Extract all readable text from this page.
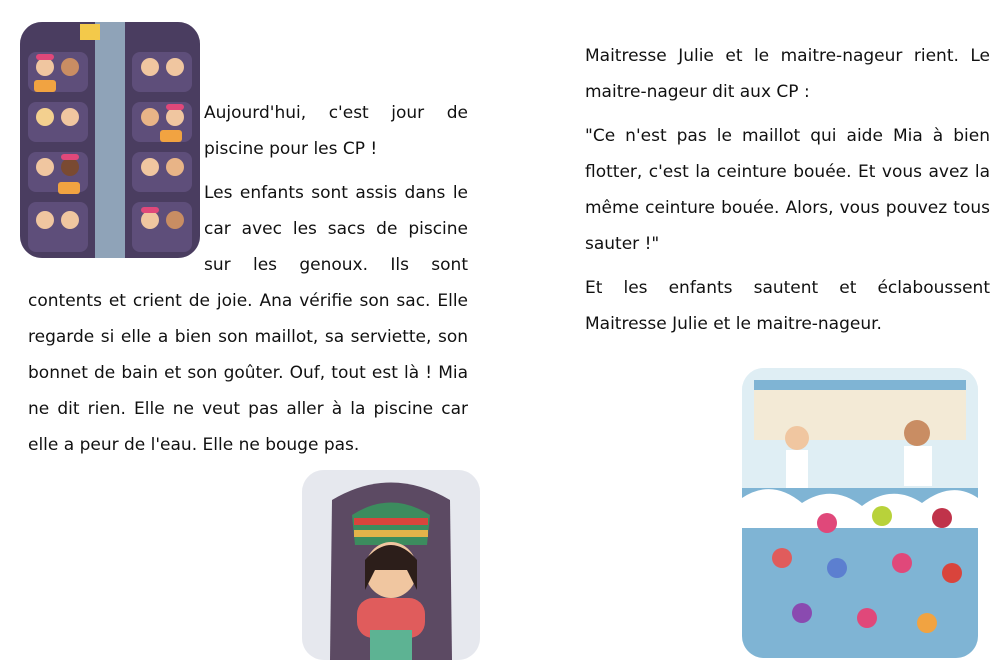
Aujourd'hui, c'est jour de piscine pour les CP !

Les enfants sont assis dans le car avec les sacs de piscine sur les genoux. Ils sont contents et crient de joie. Ana vérifie son sac. Elle regarde si elle a bien son maillot, sa serviette, son bonnet de bain et son goûter. Ouf, tout est là ! Mia ne dit rien. Elle ne veut pas aller à la piscine car elle a peur de l'eau. Elle ne bouge pas.

Maitresse Julie et le maitre-nageur rient. Le maitre-nageur dit aux CP :

"Ce n'est pas le maillot qui aide Mia à bien flotter, c'est la ceinture bouée. Et vous avez la même ceinture bouée. Alors, vous pouvez tous sauter !"

Et les enfants sautent et éclaboussent Maitresse Julie et le maitre-nageur.
